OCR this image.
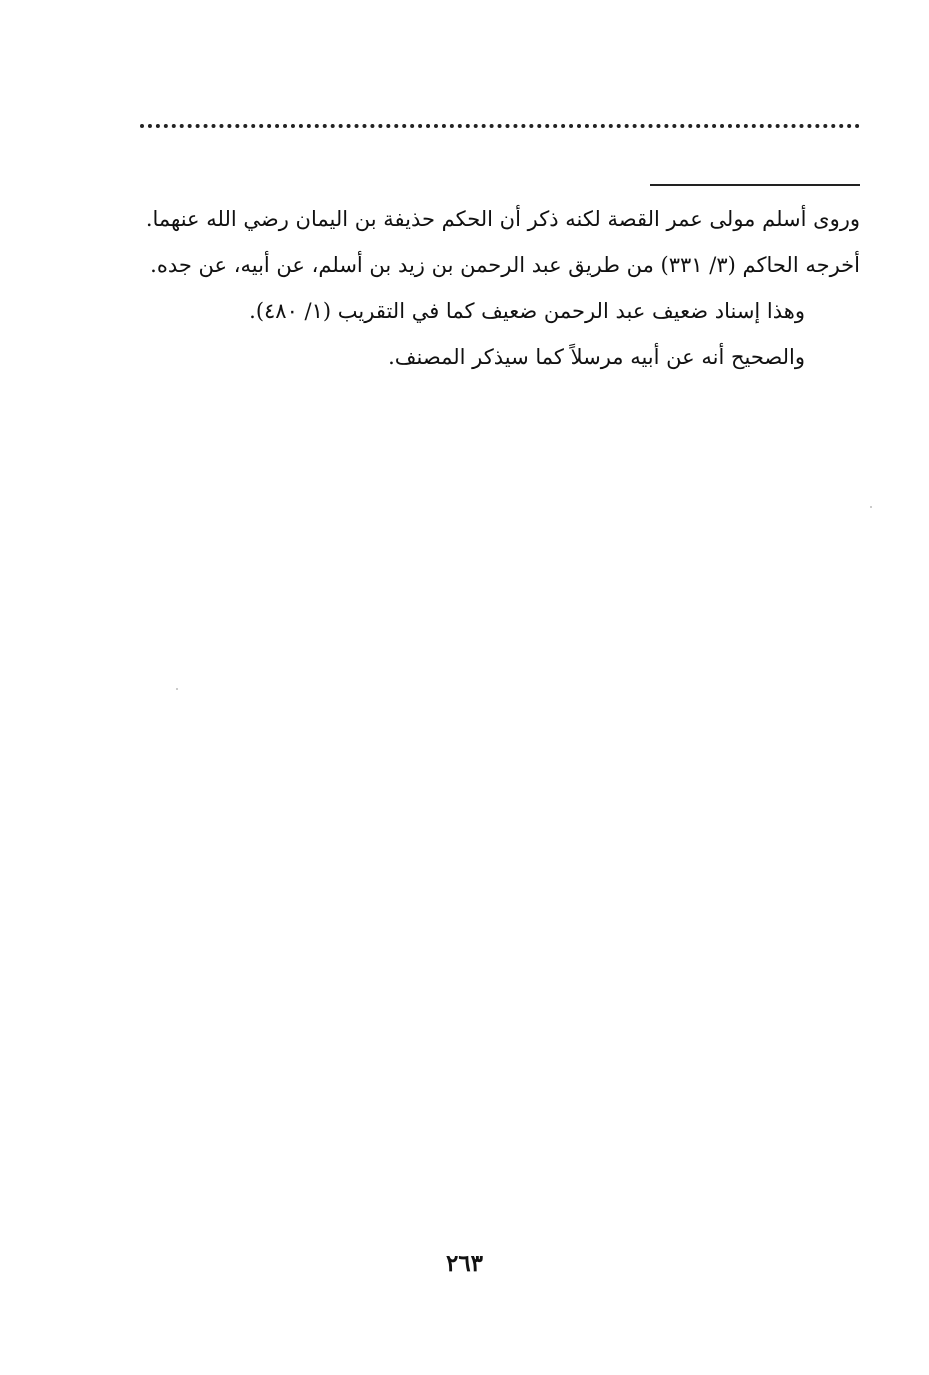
وروى أسلم مولى عمر القصة لكنه ذكر أن الحكم حذيفة بن اليمان رضي الله عنهما.

أخرجه الحاكم (٣/ ٣٣١) من طريق عبد الرحمن بن زيد بن أسلم، عن أبيه، عن جده.

وهذا إسناد ضعيف عبد الرحمن ضعيف كما في التقريب (١/ ٤٨٠).

والصحيح أنه عن أبيه مرسلاً كما سيذكر المصنف.

٢٦٣
